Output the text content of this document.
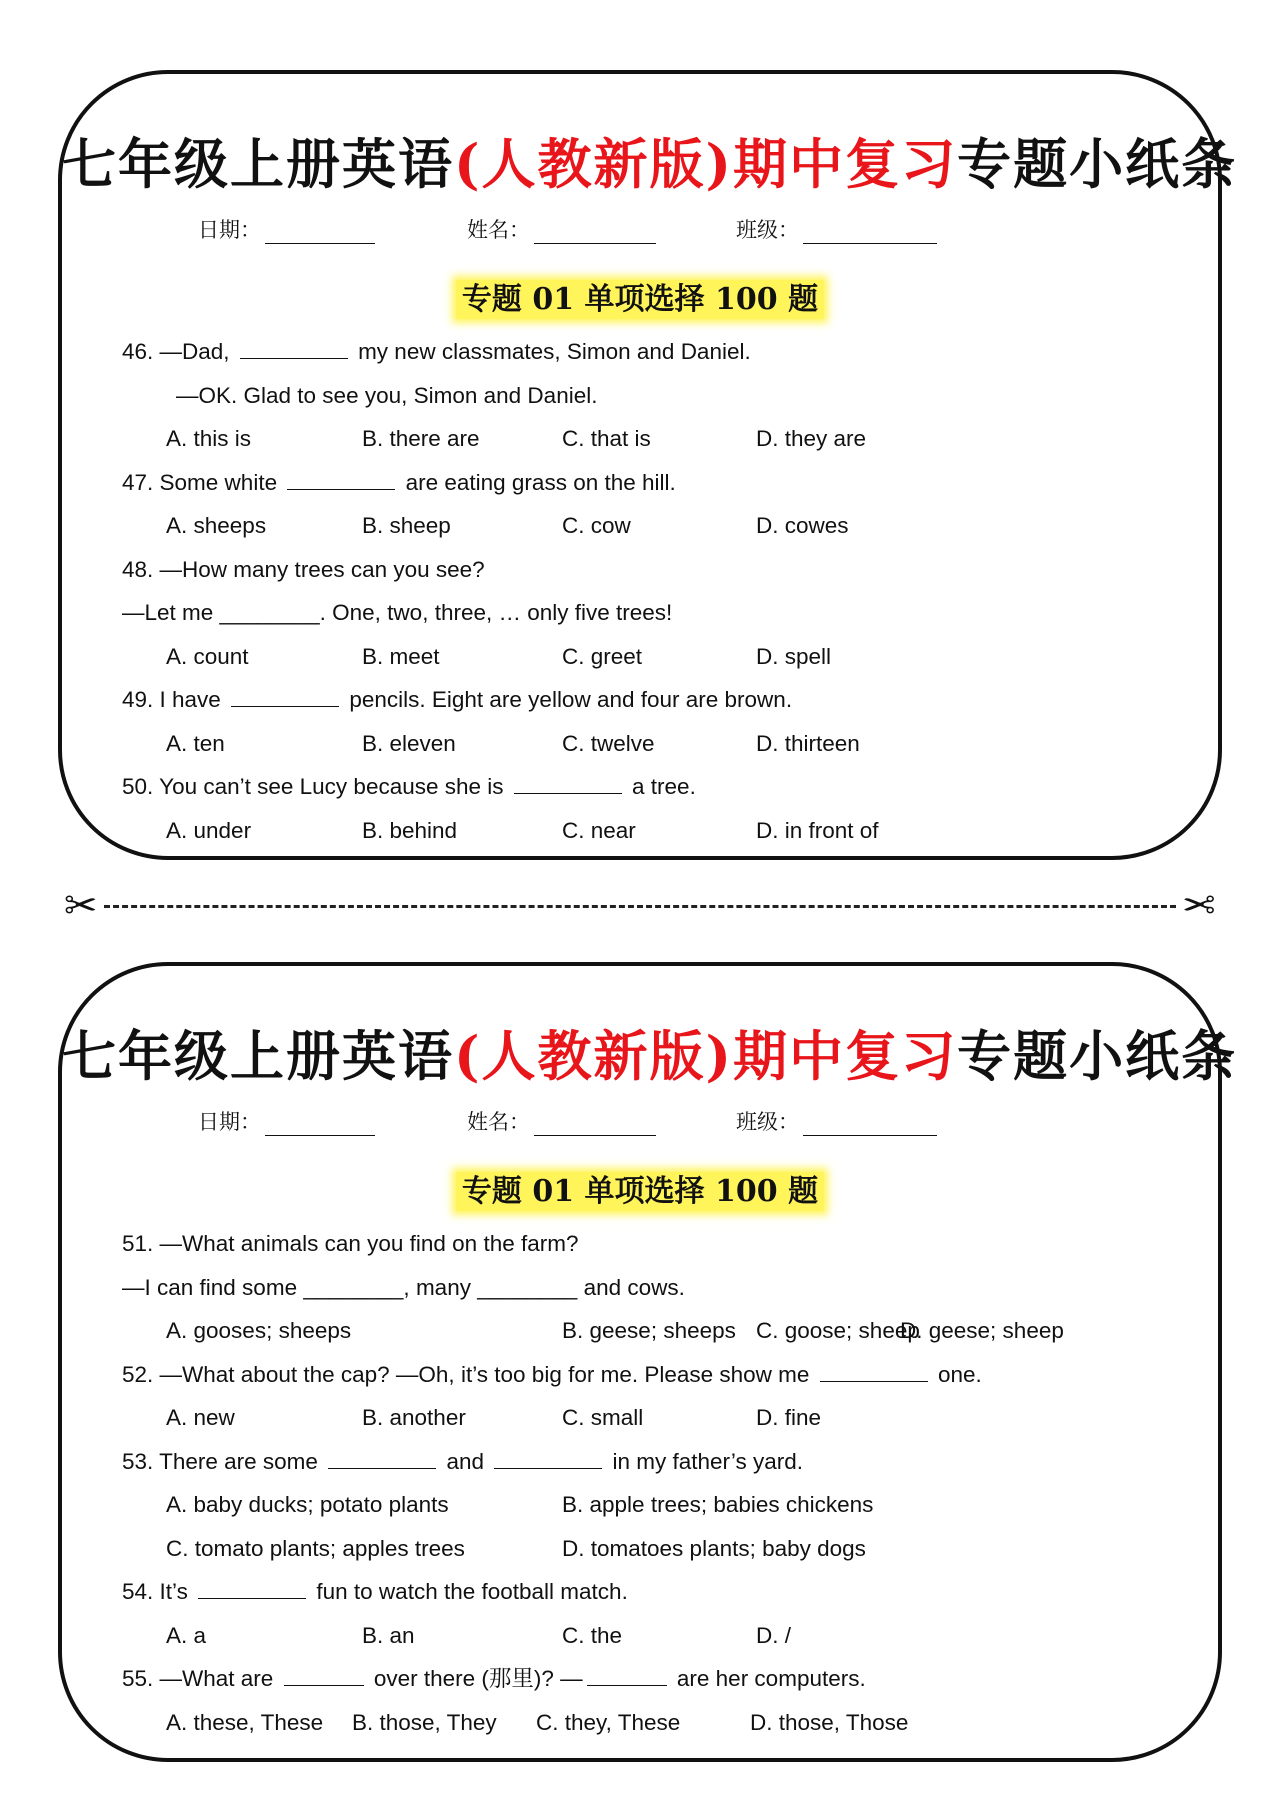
七年级上册英语(人教新版)期中复习专题小纸条
日期：	姓名：	班级：
专题 01 单项选择 100 题
46. —Dad,	my new classmates, Simon and Daniel.
—OK. Glad to see you, Simon and Daniel.
A. this is	B. there are	C. that is	D. they are
47. Some white	are eating grass on the hill.
A. sheeps	B. sheep	C. cow	D. cowes
48. —How many trees can you see?
—Let me ________. One, two, three, … only five trees!
A. count	B. meet	C. greet	D. spell
49. I have	pencils. Eight are yellow and four are brown.
A. ten	B. eleven	C. twelve	D. thirteen
50. You can’t see Lucy because she is	a tree.
A. under	B. behind	C. near	D. in front of
✂	✂
七年级上册英语(人教新版)期中复习专题小纸条
日期：	姓名：	班级：
专题 01 单项选择 100 题
51. —What animals can you find on the farm?
—I can find some ________, many ________ and cows.
A. gooses; sheeps	B. geese; sheeps C. goose; sheep
D. geese; sheep
52. —What about the cap? —Oh, it’s too big for me. Please show me	one.
A. new	B. another	C. small	D. fine
53. There are some	and	in my father’s yard.
A. baby ducks; potato plants	B. apple trees; babies chickens
C. tomato plants; apples trees	D. tomatoes plants; baby dogs
54. It’s	fun to watch the football match.
A. a	B. an	C. the	D. /
55. —What are	over there (那里)? —	are her computers.
A. these, These B. those, They C. they, These	D. those, Those
